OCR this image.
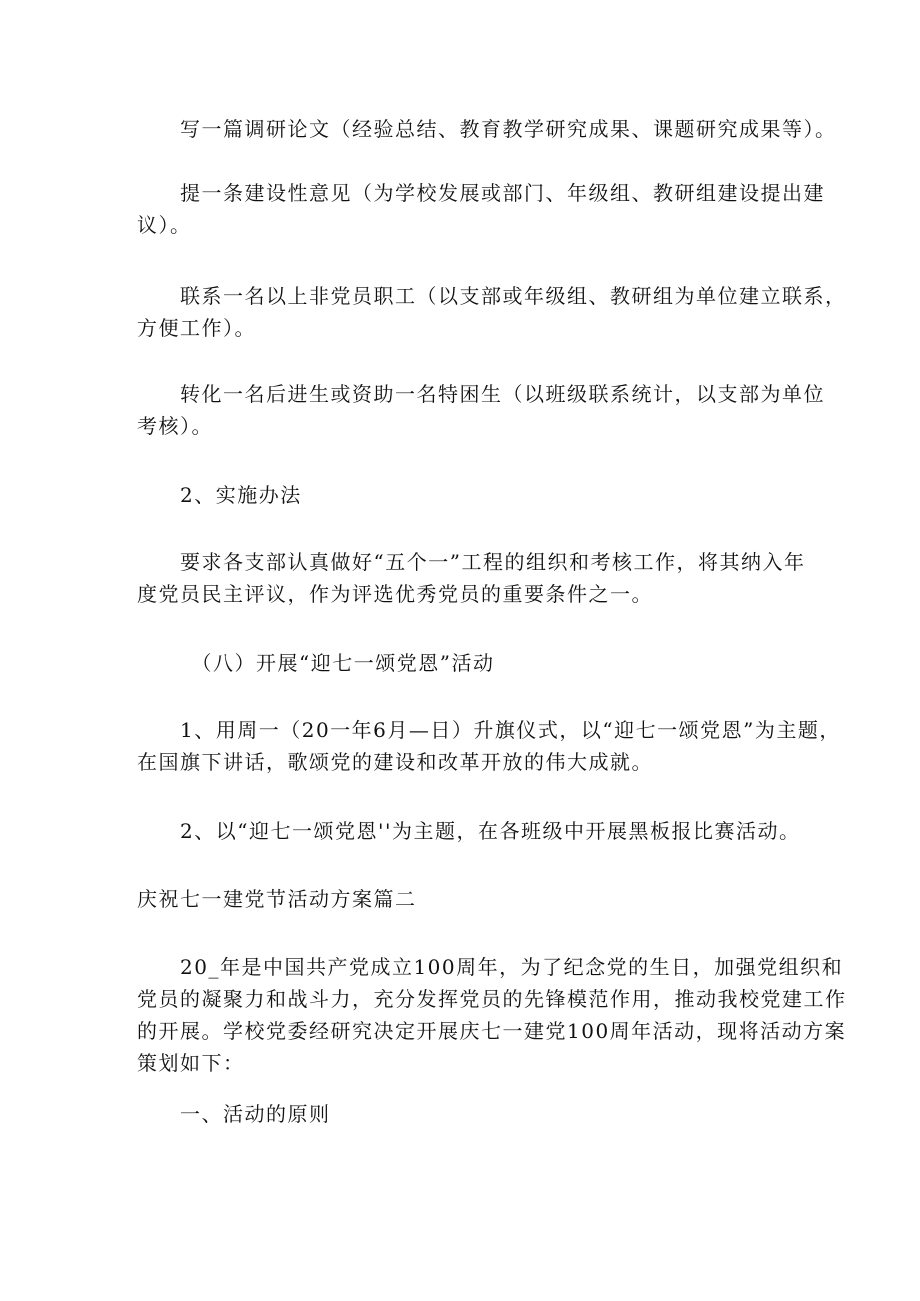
　　写一篇调研论文（经验总结、教育教学研究成果、课题研究成果等）。

　　提一条建设性意见（为学校发展或部门、年级组、教研组建设提出建
议）。

　　联系一名以上非党员职工（以支部或年级组、教研组为单位建立联系，
方便工作）。

　　转化一名后进生或资助一名特困生（以班级联系统计，以支部为单位
考核）。

　　2、实施办法

　　要求各支部认真做好“五个一”工程的组织和考核工作，将其纳入年
度党员民主评议，作为评选优秀党员的重要条件之一。

　　　（八）开展“迎七一颂党恩”活动

　　1、用周一（20一年6月—日）升旗仪式，以“迎七一颂党恩”为主题，
在国旗下讲话，歌颂党的建设和改革开放的伟大成就。

　　2、以“迎七一颂党恩''为主题，在各班级中开展黑板报比赛活动。

庆祝七一建党节活动方案篇二

　　20_年是中国共产党成立100周年，为了纪念党的生日，加强党组织和
党员的凝聚力和战斗力，充分发挥党员的先锋模范作用，推动我校党建工作
的开展。学校党委经研究决定开展庆七一建党100周年活动，现将活动方案
策划如下：

　　一、活动的原则
